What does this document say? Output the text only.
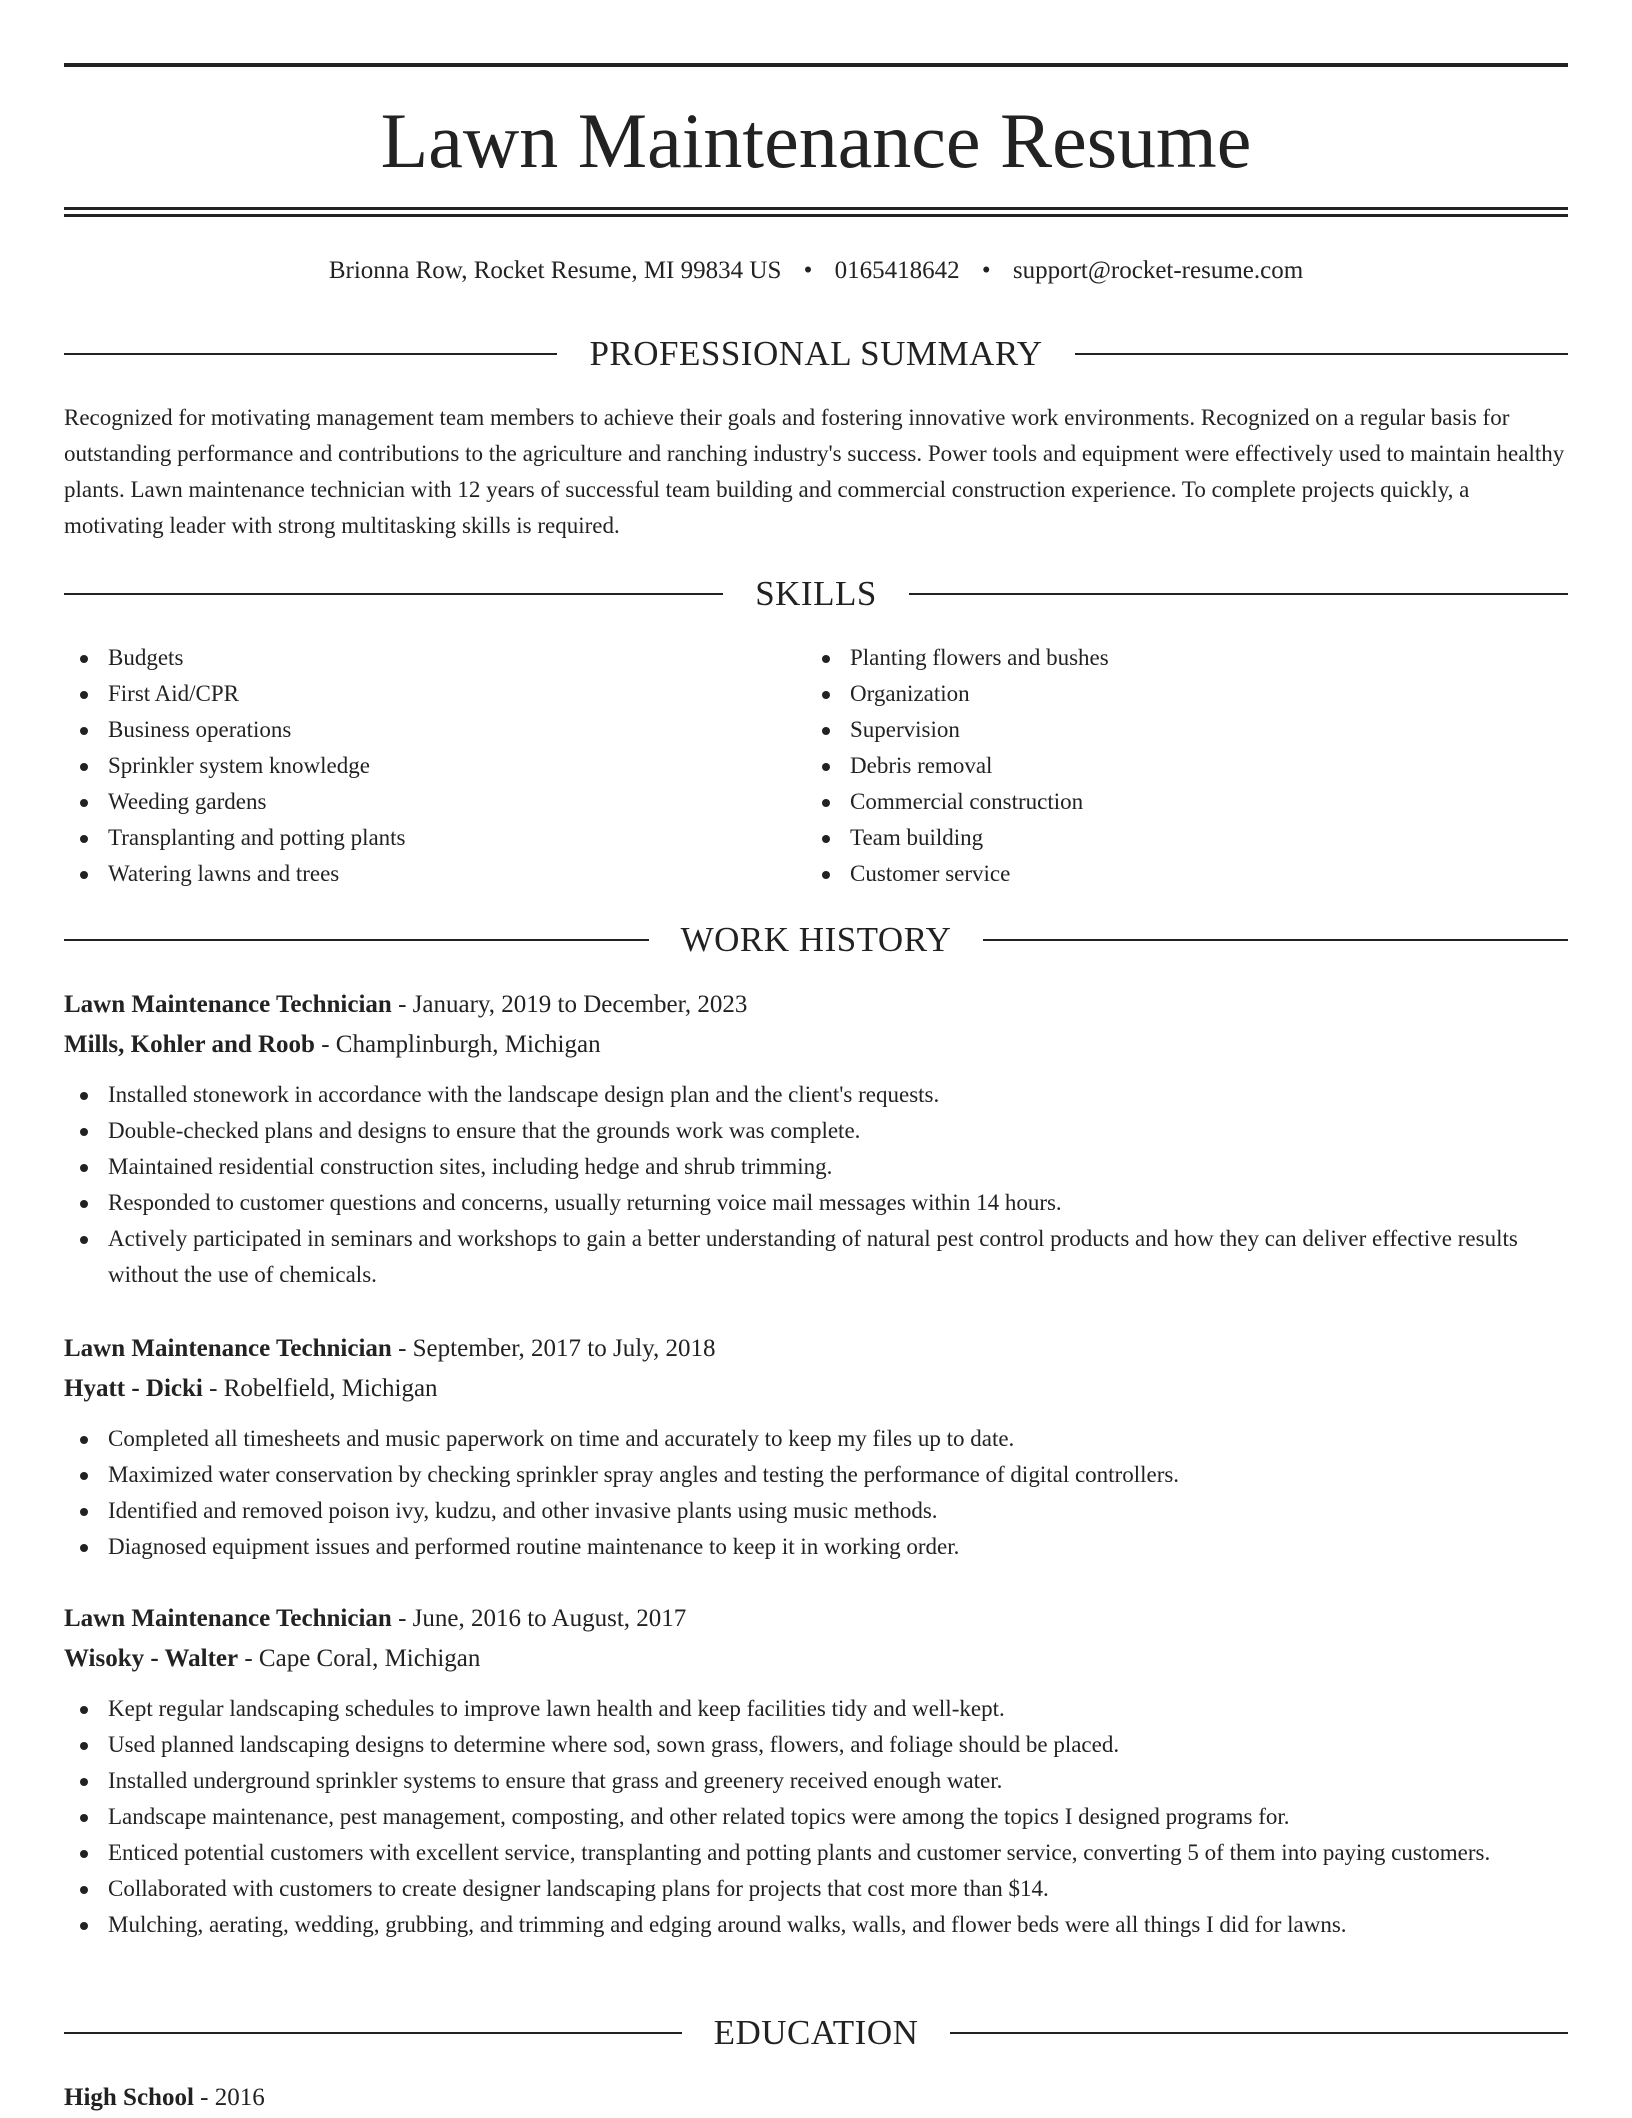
Lawn Maintenance Resume
Brionna Row, Rocket Resume, MI 99834 US • 0165418642 • support@rocket-resume.com
PROFESSIONAL SUMMARY

Recognized for motivating management team members to achieve their goals and fostering innovative work environments. Recognized on a regular basis for outstanding performance and contributions to the agriculture and ranching industry's success. Power tools and equipment were effectively used to maintain healthy plants. Lawn maintenance technician with 12 years of successful team building and commercial construction experience. To complete projects quickly, a motivating leader with strong multitasking skills is required.

SKILLS
Budgets
First Aid/CPR
Business operations
Sprinkler system knowledge
Weeding gardens
Transplanting and potting plants
Watering lawns and trees
Planting flowers and bushes
Organization
Supervision
Debris removal
Commercial construction
Team building
Customer service
WORK HISTORY
Lawn Maintenance Technician - January, 2019 to December, 2023
Mills, Kohler and Roob - Champlinburgh, Michigan
Installed stonework in accordance with the landscape design plan and the client's requests.
Double-checked plans and designs to ensure that the grounds work was complete.
Maintained residential construction sites, including hedge and shrub trimming.
Responded to customer questions and concerns, usually returning voice mail messages within 14 hours.
Actively participated in seminars and workshops to gain a better understanding of natural pest control products and how they can deliver effective results without the use of chemicals.
Lawn Maintenance Technician - September, 2017 to July, 2018
Hyatt - Dicki - Robelfield, Michigan
Completed all timesheets and music paperwork on time and accurately to keep my files up to date.
Maximized water conservation by checking sprinkler spray angles and testing the performance of digital controllers.
Identified and removed poison ivy, kudzu, and other invasive plants using music methods.
Diagnosed equipment issues and performed routine maintenance to keep it in working order.
Lawn Maintenance Technician - June, 2016 to August, 2017
Wisoky - Walter - Cape Coral, Michigan
Kept regular landscaping schedules to improve lawn health and keep facilities tidy and well-kept.
Used planned landscaping designs to determine where sod, sown grass, flowers, and foliage should be placed.
Installed underground sprinkler systems to ensure that grass and greenery received enough water.
Landscape maintenance, pest management, composting, and other related topics were among the topics I designed programs for.
Enticed potential customers with excellent service, transplanting and potting plants and customer service, converting 5 of them into paying customers.
Collaborated with customers to create designer landscaping plans for projects that cost more than $14.
Mulching, aerating, wedding, grubbing, and trimming and edging around walks, walls, and flower beds were all things I did for lawns.
EDUCATION
High School - 2016
